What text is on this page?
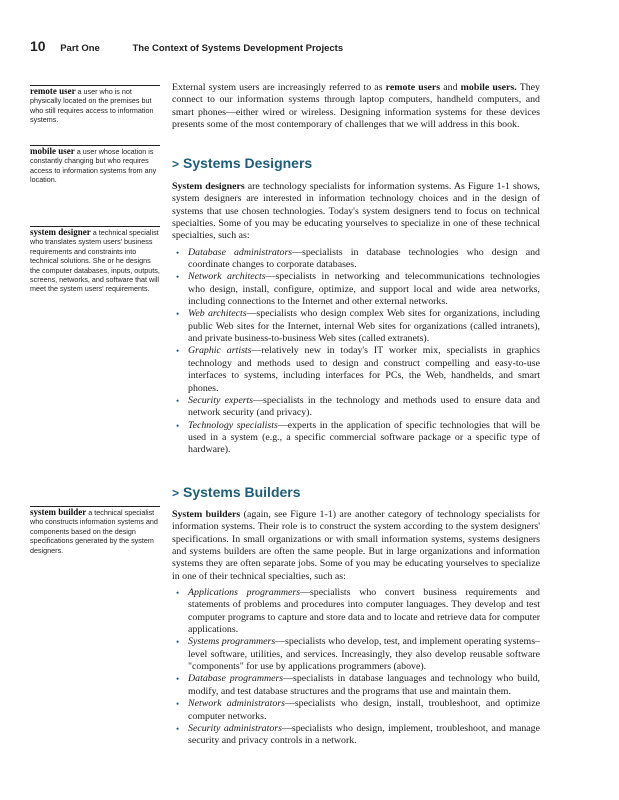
10 Part One	The Context of Systems Development Projects
remote user a user who is not physically located on the premises but who still requires access to information systems.
mobile user a user whose location is constantly changing but who requires access to information systems from any location.
system designer a technical specialist who translates system users' business requirements and constraints into technical solutions. She or he designs the computer databases, inputs, outputs, screens, networks, and software that will meet the system users' requirements.
system builder a technical specialist who constructs information systems and components based on the design specifications generated by the system designers.

External system users are increasingly referred to as remote users and mobile users. They connect to our information systems through laptop computers, handheld computers, and smart phones—either wired or wireless. Designing information systems for these devices presents some of the most contemporary of challenges that we will address in this book.

> Systems Designers

System designers are technology specialists for information systems. As Figure 1-1 shows, system designers are interested in information technology choices and in the design of systems that use chosen technologies. Today's system designers tend to focus on technical specialties. Some of you may be educating yourselves to specialize in one of these technical specialties, such as:

• Database administrators—specialists in database technologies who design and coordinate changes to corporate databases.
• Network architects—specialists in networking and telecommunications technologies who design, install, configure, optimize, and support local and wide area networks, including connections to the Internet and other external networks.
• Web architects—specialists who design complex Web sites for organizations, including public Web sites for the Internet, internal Web sites for organizations (called intranets), and private business-to-business Web sites (called extranets).
• Graphic artists—relatively new in today's IT worker mix, specialists in graphics technology and methods used to design and construct compelling and easy-to-use interfaces to systems, including interfaces for PCs, the Web, handhelds, and smart phones.
• Security experts—specialists in the technology and methods used to ensure data and network security (and privacy).
• Technology specialists—experts in the application of specific technologies that will be used in a system (e.g., a specific commercial software package or a specific type of hardware).
> Systems Builders

System builders (again, see Figure 1-1) are another category of technology specialists for information systems. Their role is to construct the system according to the system designers' specifications. In small organizations or with small information systems, systems designers and systems builders are often the same people. But in large organizations and information systems they are often separate jobs. Some of you may be educating yourselves to specialize in one of their technical specialties, such as:

• Applications programmers—specialists who convert business requirements and statements of problems and procedures into computer languages. They develop and test computer programs to capture and store data and to locate and retrieve data for computer applications.
• Systems programmers—specialists who develop, test, and implement operating systems–level software, utilities, and services. Increasingly, they also develop reusable software "components" for use by applications programmers (above).
• Database programmers—specialists in database languages and technology who build, modify, and test database structures and the programs that use and maintain them.
• Network administrators—specialists who design, install, troubleshoot, and optimize computer networks.
• Security administrators—specialists who design, implement, troubleshoot, and manage security and privacy controls in a network.
